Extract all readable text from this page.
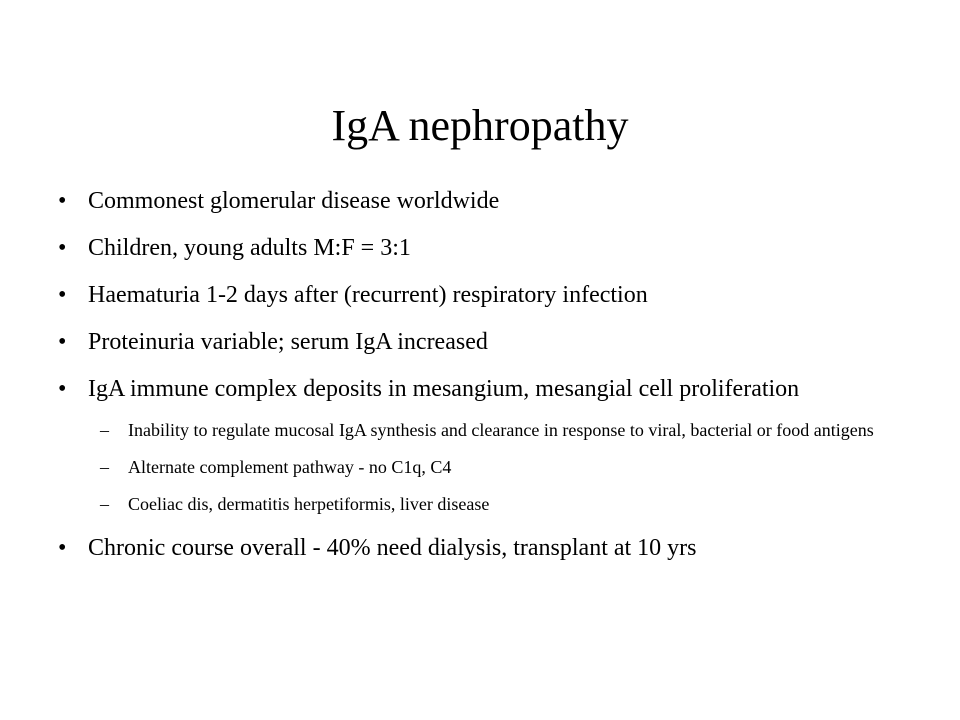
IgA nephropathy
• Commonest glomerular disease worldwide
• Children, young adults M:F = 3:1
• Haematuria 1-2 days after (recurrent) respiratory infection
• Proteinuria variable; serum IgA increased
• IgA immune complex deposits in mesangium, mesangial cell proliferation
– Inability to regulate mucosal IgA synthesis and clearance in response to viral, bacterial or food antigens
– Alternate complement pathway - no C1q, C4
– Coeliac dis, dermatitis herpetiformis, liver disease
• Chronic course overall - 40% need dialysis, transplant at 10 yrs
